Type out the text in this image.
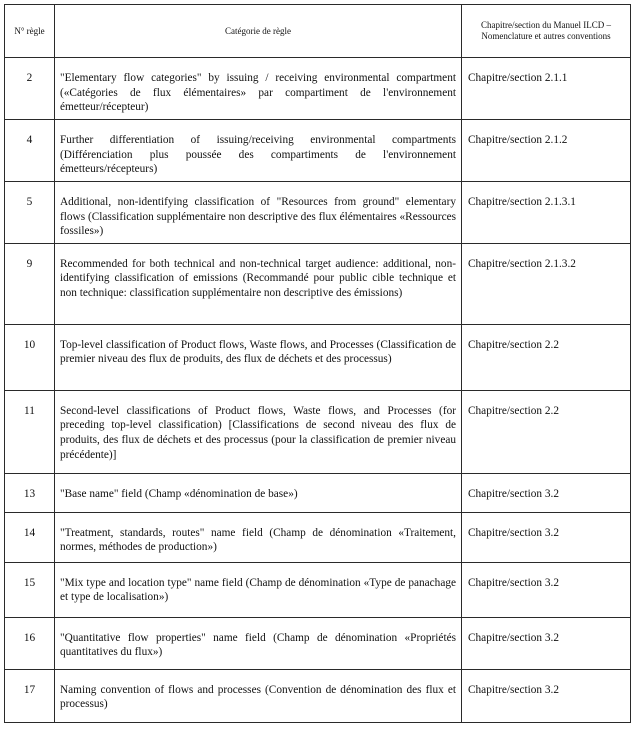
N° règle	Catégorie de règle	Chapitre/section du Manuel ILCD – Nomenclature et autres conventions
2	"Elementary flow categories" by issuing / receiving environmental compartment («Catégories de flux élémentaires» par compartiment de l'environnement émetteur/récepteur)	Chapitre/section 2.1.1
4	Further differentiation of issuing/receiving environmental compartments (Différenciation plus poussée des compartiments de l'environnement émetteurs/récepteurs)	Chapitre/section 2.1.2
5	Additional, non-identifying classification of "Resources from ground" elementary flows (Classification supplémentaire non descriptive des flux élémentaires «Ressources fossiles»)	Chapitre/section 2.1.3.1
9	Recommended for both technical and non-technical target audience: additional, non-identifying classification of emissions (Recommandé pour public cible technique et non technique: classification supplémentaire non descriptive des émissions)	Chapitre/section 2.1.3.2
10	Top-level classification of Product flows, Waste flows, and Processes (Classification de premier niveau des flux de produits, des flux de déchets et des processus)	Chapitre/section 2.2
11	Second-level classifications of Product flows, Waste flows, and Processes (for preceding top-level classification) [Classifications de second niveau des flux de produits, des flux de déchets et des processus (pour la classification de premier niveau précédente)]	Chapitre/section 2.2
13	"Base name" field (Champ «dénomination de base»)	Chapitre/section 3.2
14	"Treatment, standards, routes" name field (Champ de dénomination «Traitement, normes, méthodes de production»)	Chapitre/section 3.2
15	"Mix type and location type" name field (Champ de dénomination «Type de panachage et type de localisation»)	Chapitre/section 3.2
16	"Quantitative flow properties" name field (Champ de dénomination «Propriétés quantitatives du flux»)	Chapitre/section 3.2
17	Naming convention of flows and processes (Convention de dénomination des flux et processus)	Chapitre/section 3.2
